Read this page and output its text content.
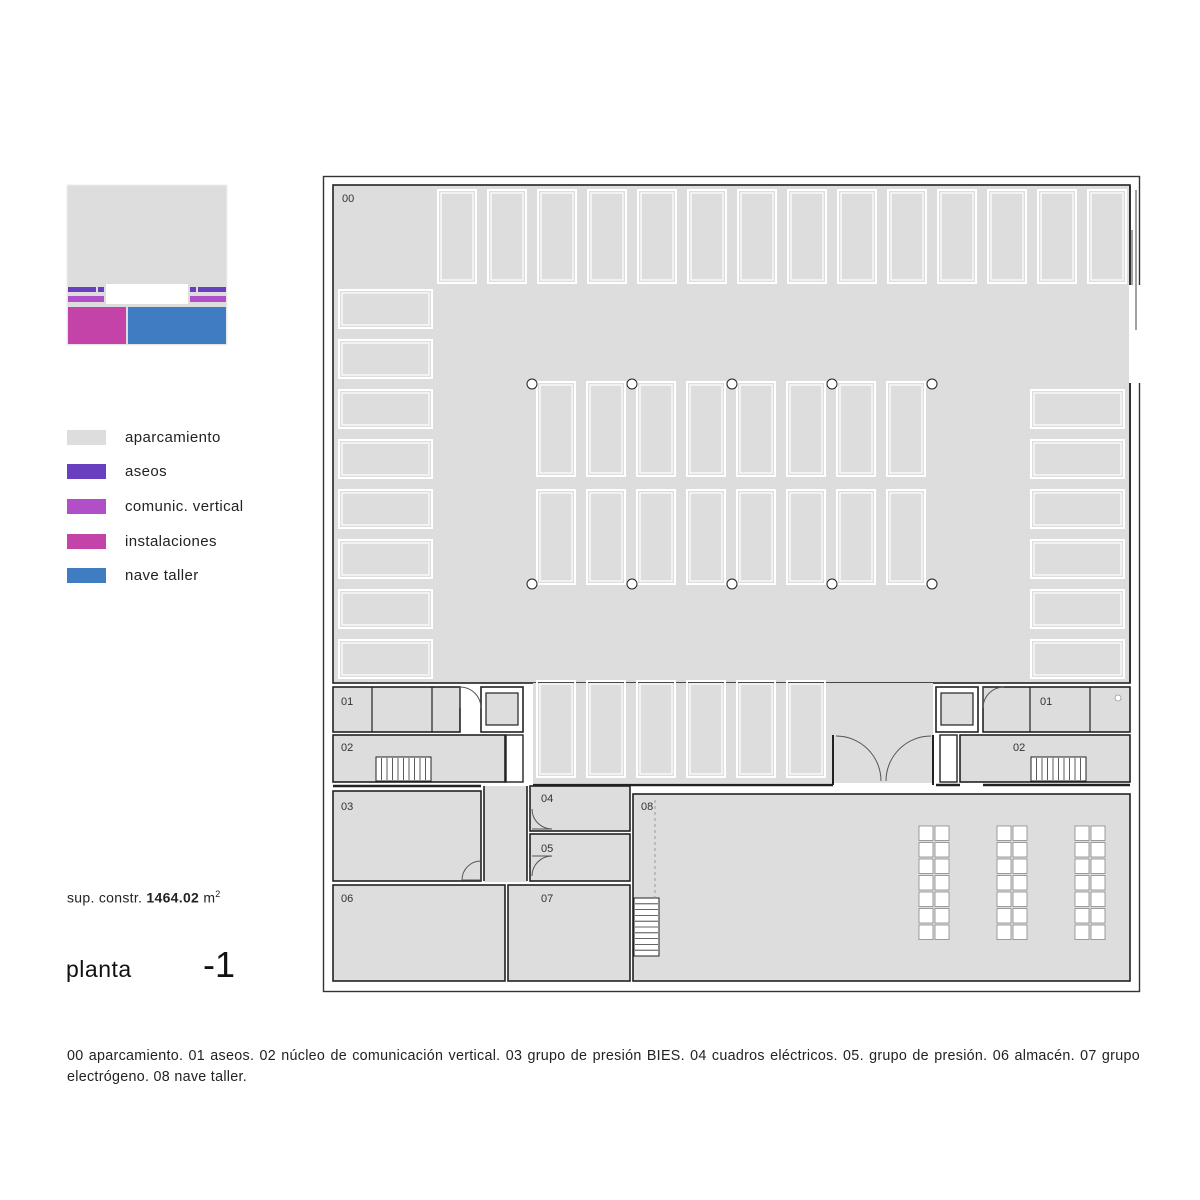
aparcamiento
aseos
comunic. vertical
instalaciones
nave taller
sup. constr. 1464.02 $m^2$
planta -1
00
01	01
02	02
03
04
05
06	07
08
00 aparcamiento. 01 aseos. 02 núcleo de comunicación vertical. 03 grupo de presión BIES. 04 cuadros eléctricos. 05. grupo de presión. 06 almacén. 07 grupo electrógeno. 08 nave taller.
